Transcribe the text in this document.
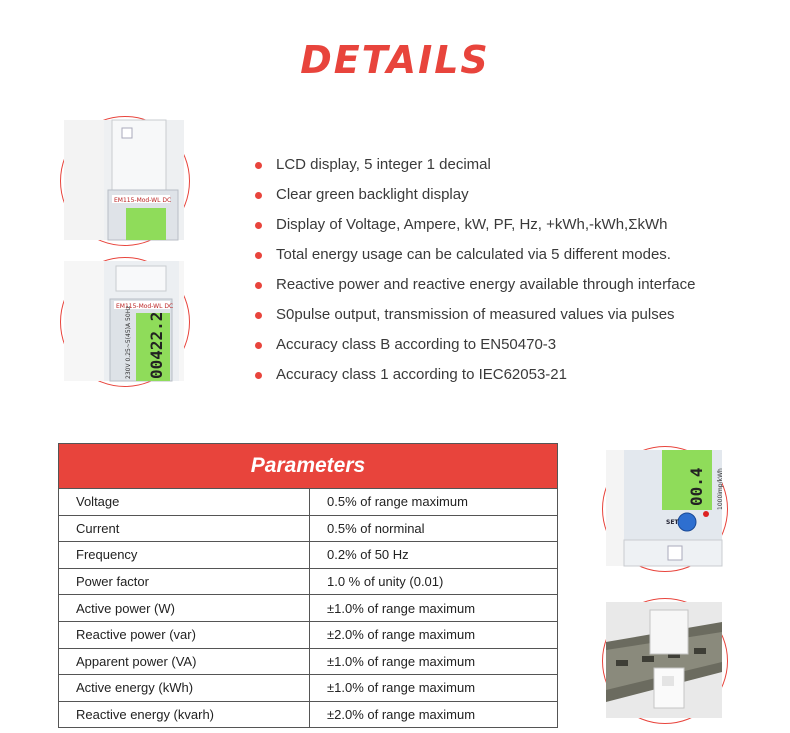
DETAILS
EM115-Mod-WL DC
EM115-Mod-WL DC
00422.2
230V 0.25~5(45)A 50Hz
LCD display, 5 integer 1 decimal
Clear green backlight display
Display of Voltage, Ampere, kW, PF, Hz, +kWh,-kWh,ΣkWh
Total energy usage can be calculated via 5 different modes.
Reactive power and reactive energy available through interface
S0pulse output, transmission of measured values via pulses
Accuracy class B according to EN50470-3
Accuracy class 1 according to IEC62053-21
Parameters
Voltage	0.5% of range maximum
Current	0.5% of norminal
Frequency	0.2% of 50 Hz
Power factor	1.0 % of unity (0.01)
Active power (W)	±1.0% of range maximum
Reactive power (var)	±2.0% of range maximum
Apparent power (VA)	±1.0% of range maximum
Active energy (kWh)	±1.0% of range maximum
Reactive energy (kvarh)	±2.0% of range maximum
00.4 1000imp/kWh
SET
